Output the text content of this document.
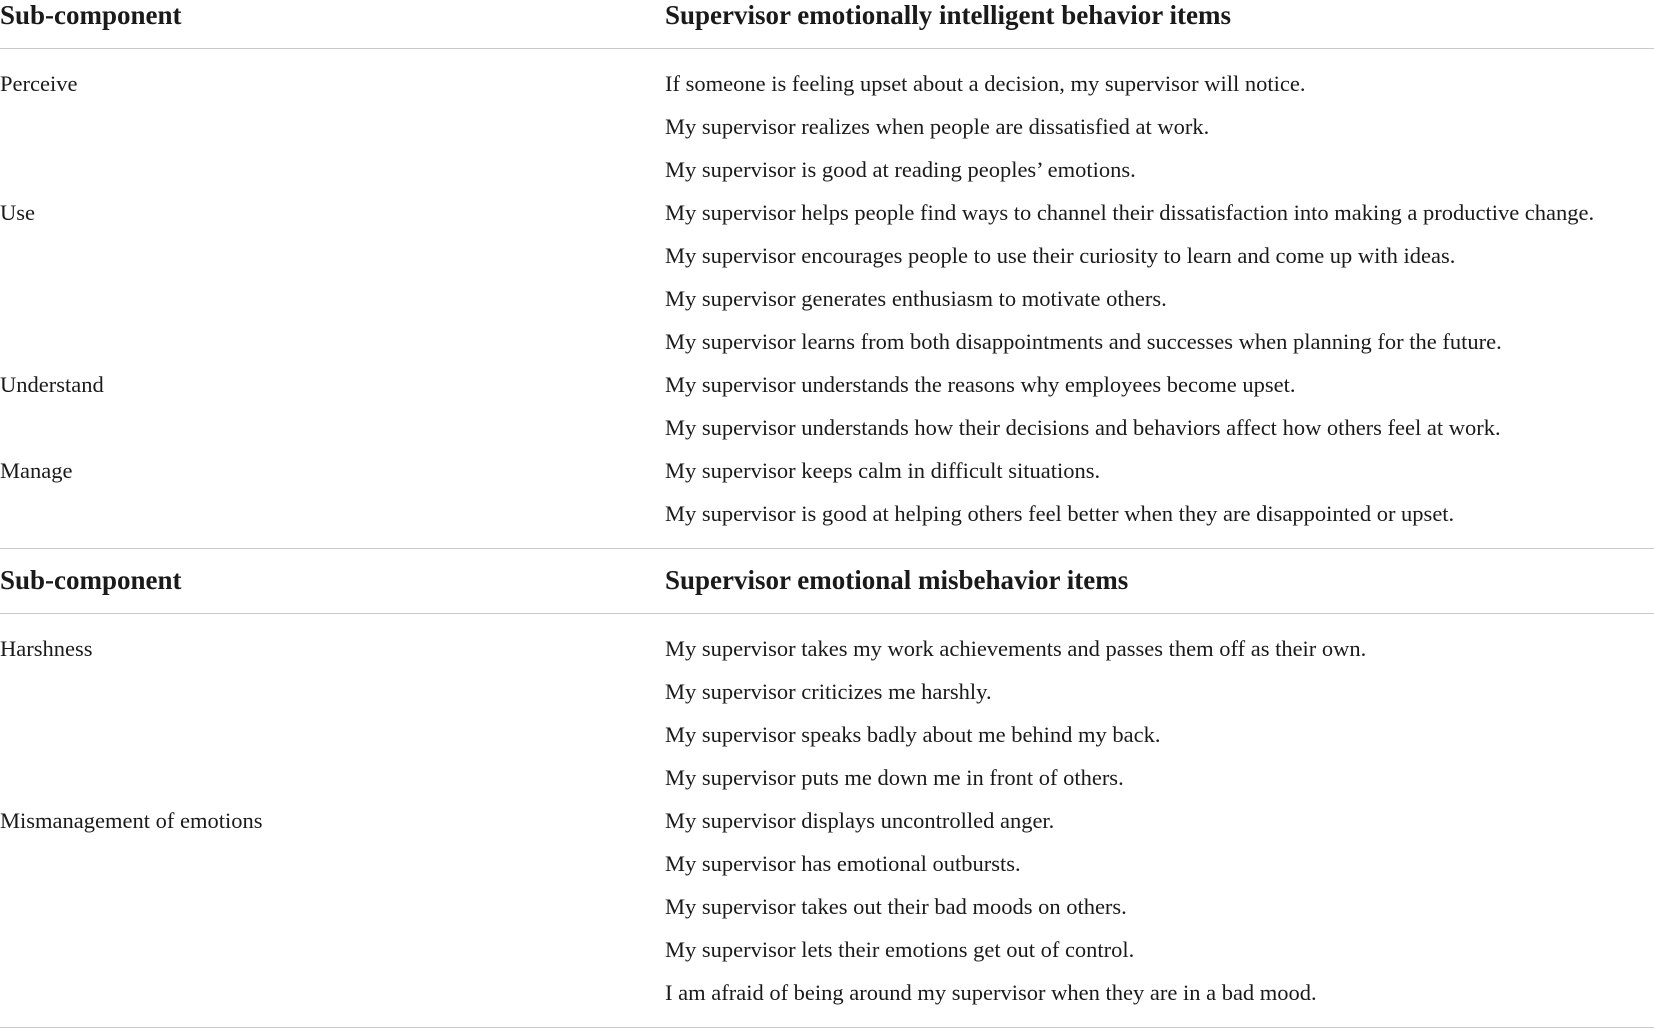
Sub-component	Supervisor emotionally intelligent behavior items
Perceive	If someone is feeling upset about a decision, my supervisor will notice.
My supervisor realizes when people are dissatisfied at work.
My supervisor is good at reading peoples’ emotions.
Use	My supervisor helps people find ways to channel their dissatisfaction into making a productive change.
My supervisor encourages people to use their curiosity to learn and come up with ideas.
My supervisor generates enthusiasm to motivate others.
My supervisor learns from both disappointments and successes when planning for the future.
Understand	My supervisor understands the reasons why employees become upset.
My supervisor understands how their decisions and behaviors affect how others feel at work.
Manage	My supervisor keeps calm in difficult situations.
My supervisor is good at helping others feel better when they are disappointed or upset.
Sub-component	Supervisor emotional misbehavior items
Harshness	My supervisor takes my work achievements and passes them off as their own.
My supervisor criticizes me harshly.
My supervisor speaks badly about me behind my back.
My supervisor puts me down me in front of others.
Mismanagement of emotions	My supervisor displays uncontrolled anger.
My supervisor has emotional outbursts.
My supervisor takes out their bad moods on others.
My supervisor lets their emotions get out of control.
I am afraid of being around my supervisor when they are in a bad mood.
